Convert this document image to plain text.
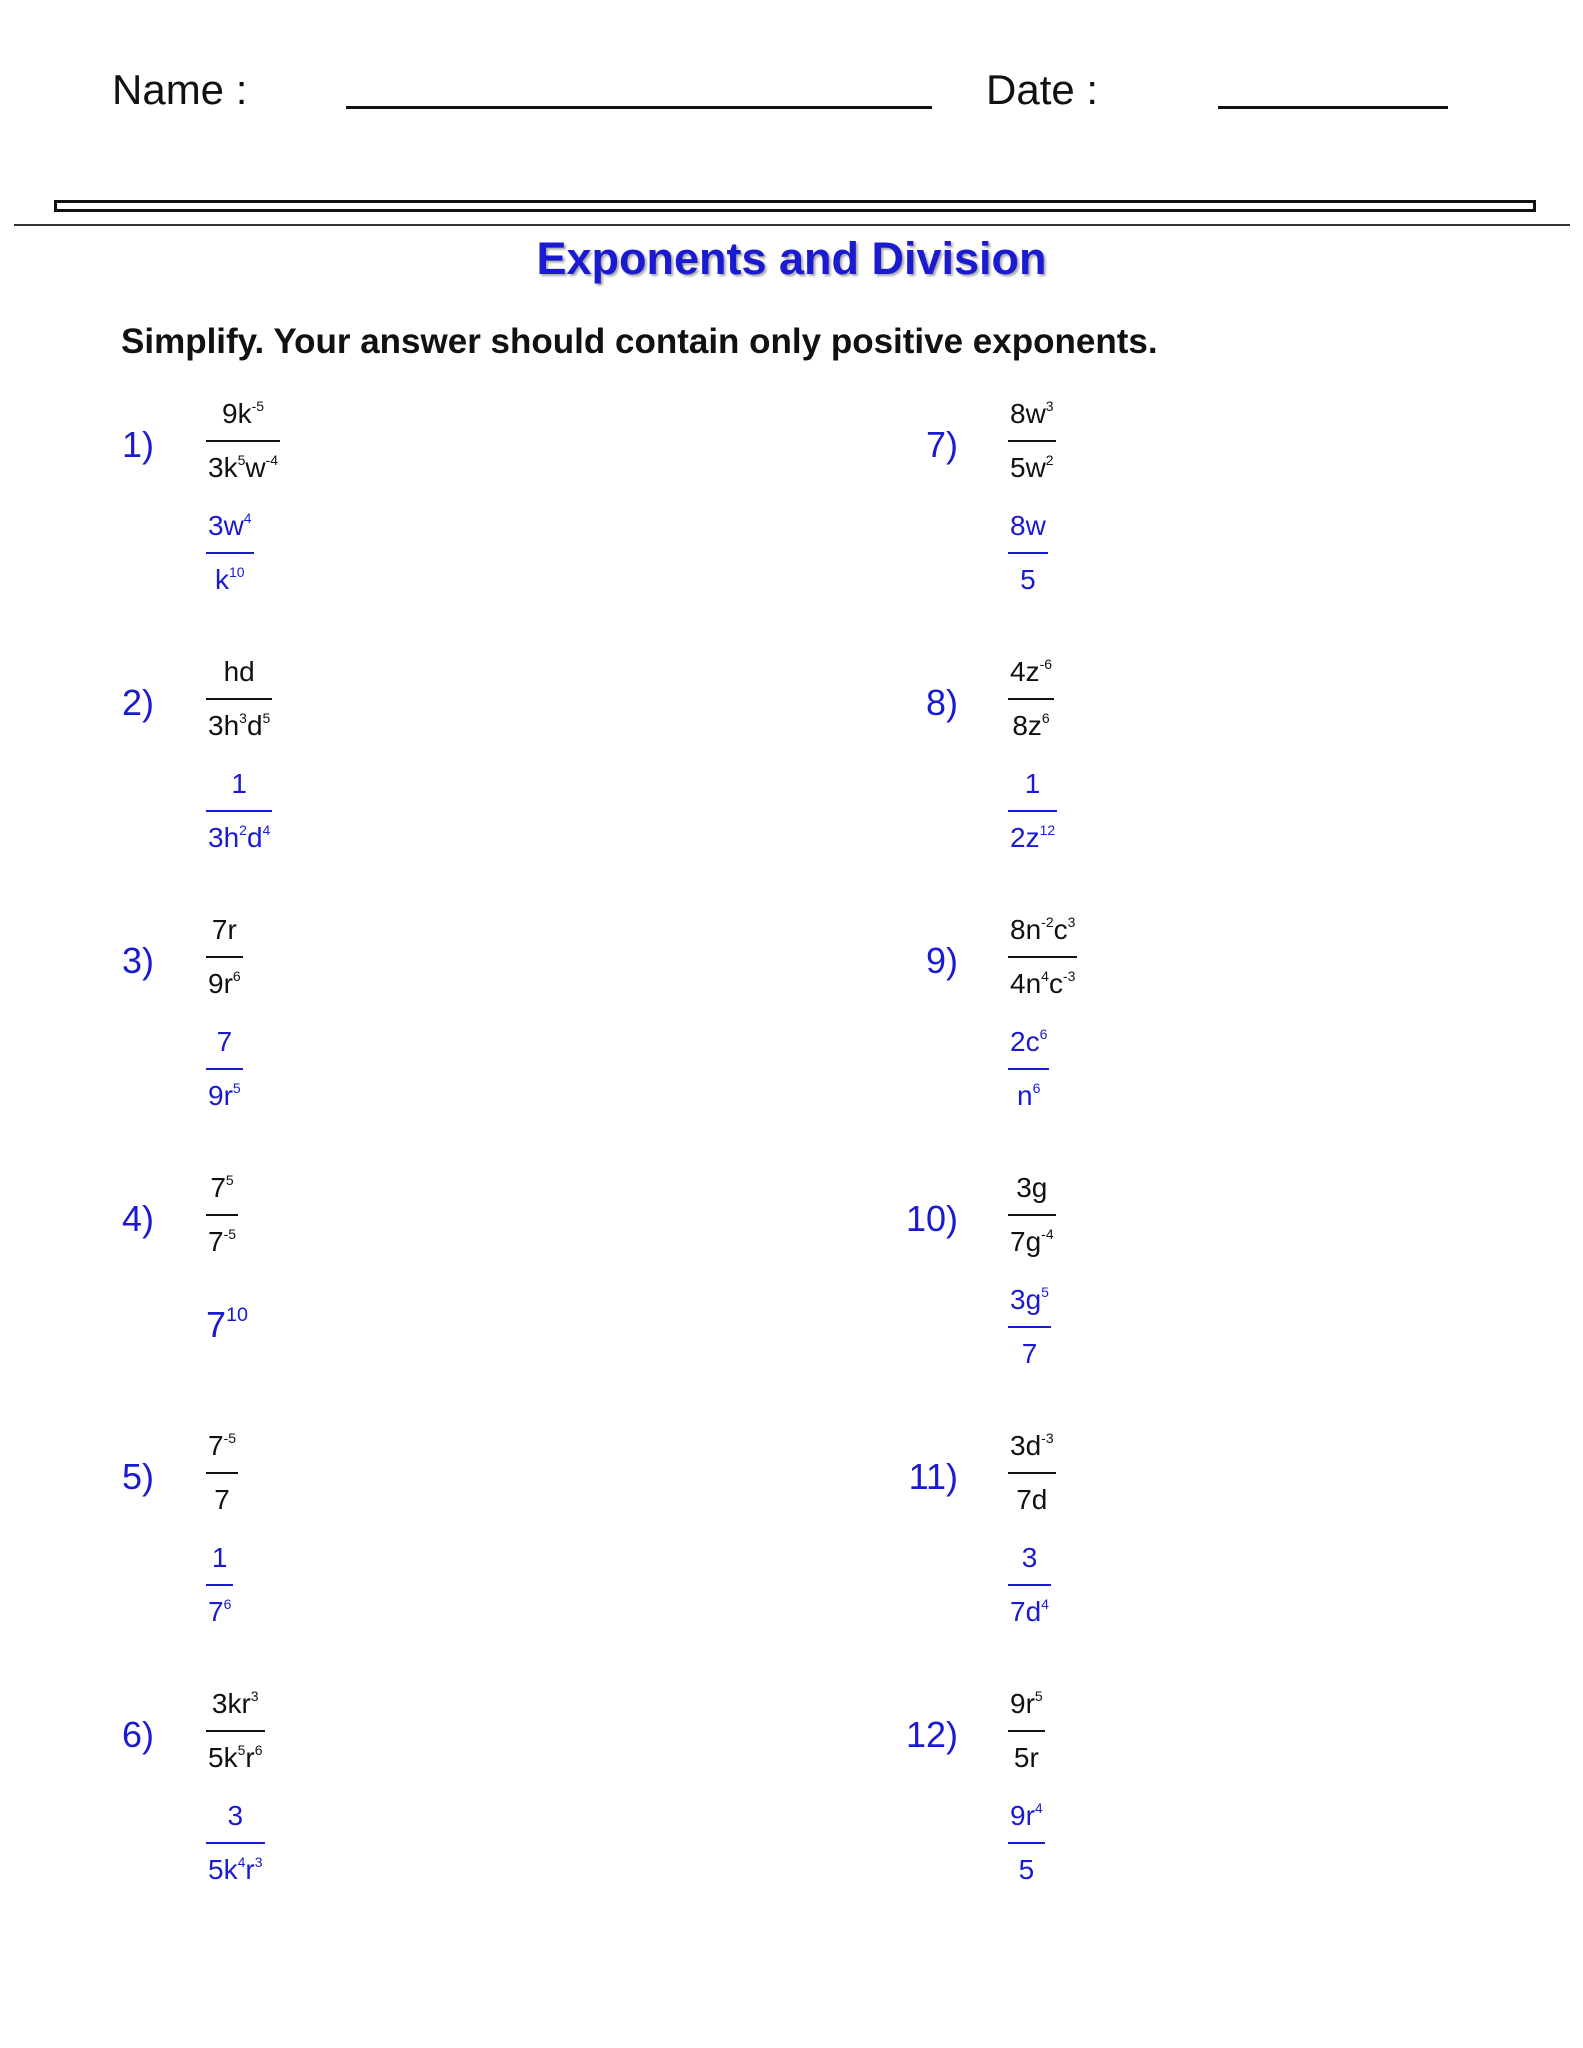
Name :	Date :
Exponents and Division
Simplify. Your answer should contain only positive exponents.
$1) \frac{9k^{-5}}{3k^5w^{-4}}$
$\frac{3w^4}{k^{10}}$
$2) \frac{hd}{3h^3d^5}$
$\frac{1}{3h^2d^4}$
$3) \frac{7r}{9r^6}$
$\frac{7}{9r^5}$
$4) \frac{7^5}{7^{-5}}$
$7^{10}$
$5) \frac{7^{-5}}{7}$
$\frac{1}{7^6}$
$6) \frac{3kr^3}{5k^5r^6}$
$\frac{3}{5k^4r^3}$
$7) \frac{8w^3}{5w^2}$
$\frac{8w}{5}$
$8) \frac{4z^{-6}}{8z^6}$
$\frac{1}{2z^{12}}$
$9) \frac{8n^{-2}c^3}{4n^4c^{-3}}$
$\frac{2c^6}{n^6}$
$10) \frac{3g}{7g^{-4}}$
$\frac{3g^5}{7}$
$11) \frac{3d^{-3}}{7d}$
$\frac{3}{7d^4}$
$12) \frac{9r^5}{5r}$
$\frac{9r^4}{5}$
